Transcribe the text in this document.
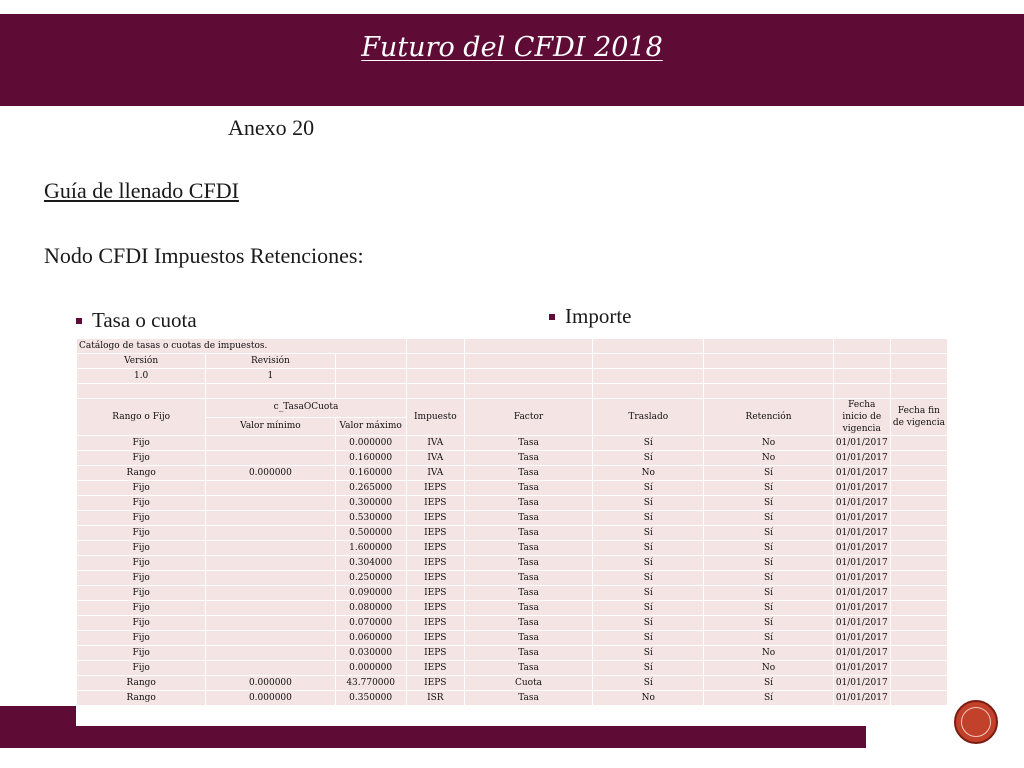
Futuro del CFDI 2018
Anexo 20
Guía de llenado CFDI
Nodo CFDI Impuestos Retenciones:
Tasa o cuota	Importe
Catálogo de tasas o cuotas de impuestos.								
Versión	Revisión							
1.0	1							

Rango o Fijo	c_TasaOCuota		Impuesto	Factor	Traslado	Retención	Fecha inicio de vigencia	Fecha fin de vigencia
	Valor mínimo	Valor máximo						
Fijo		0.000000	IVA	Tasa	Sí	No	01/01/2017	
Fijo		0.160000	IVA	Tasa	Sí	No	01/01/2017	
Rango	0.000000	0.160000	IVA	Tasa	No	Sí	01/01/2017	
Fijo		0.265000	IEPS	Tasa	Sí	Sí	01/01/2017	
Fijo		0.300000	IEPS	Tasa	Sí	Sí	01/01/2017	
Fijo		0.530000	IEPS	Tasa	Sí	Sí	01/01/2017	
Fijo		0.500000	IEPS	Tasa	Sí	Sí	01/01/2017	
Fijo		1.600000	IEPS	Tasa	Sí	Sí	01/01/2017	
Fijo		0.304000	IEPS	Tasa	Sí	Sí	01/01/2017	
Fijo		0.250000	IEPS	Tasa	Sí	Sí	01/01/2017	
Fijo		0.090000	IEPS	Tasa	Sí	Sí	01/01/2017	
Fijo		0.080000	IEPS	Tasa	Sí	Sí	01/01/2017	
Fijo		0.070000	IEPS	Tasa	Sí	Sí	01/01/2017	
Fijo		0.060000	IEPS	Tasa	Sí	Sí	01/01/2017	
Fijo		0.030000	IEPS	Tasa	Sí	No	01/01/2017	
Fijo		0.000000	IEPS	Tasa	Sí	No	01/01/2017	
Rango	0.000000	43.770000	IEPS	Cuota	Sí	Sí	01/01/2017	
Rango	0.000000	0.350000	ISR	Tasa	No	Sí	01/01/2017	
